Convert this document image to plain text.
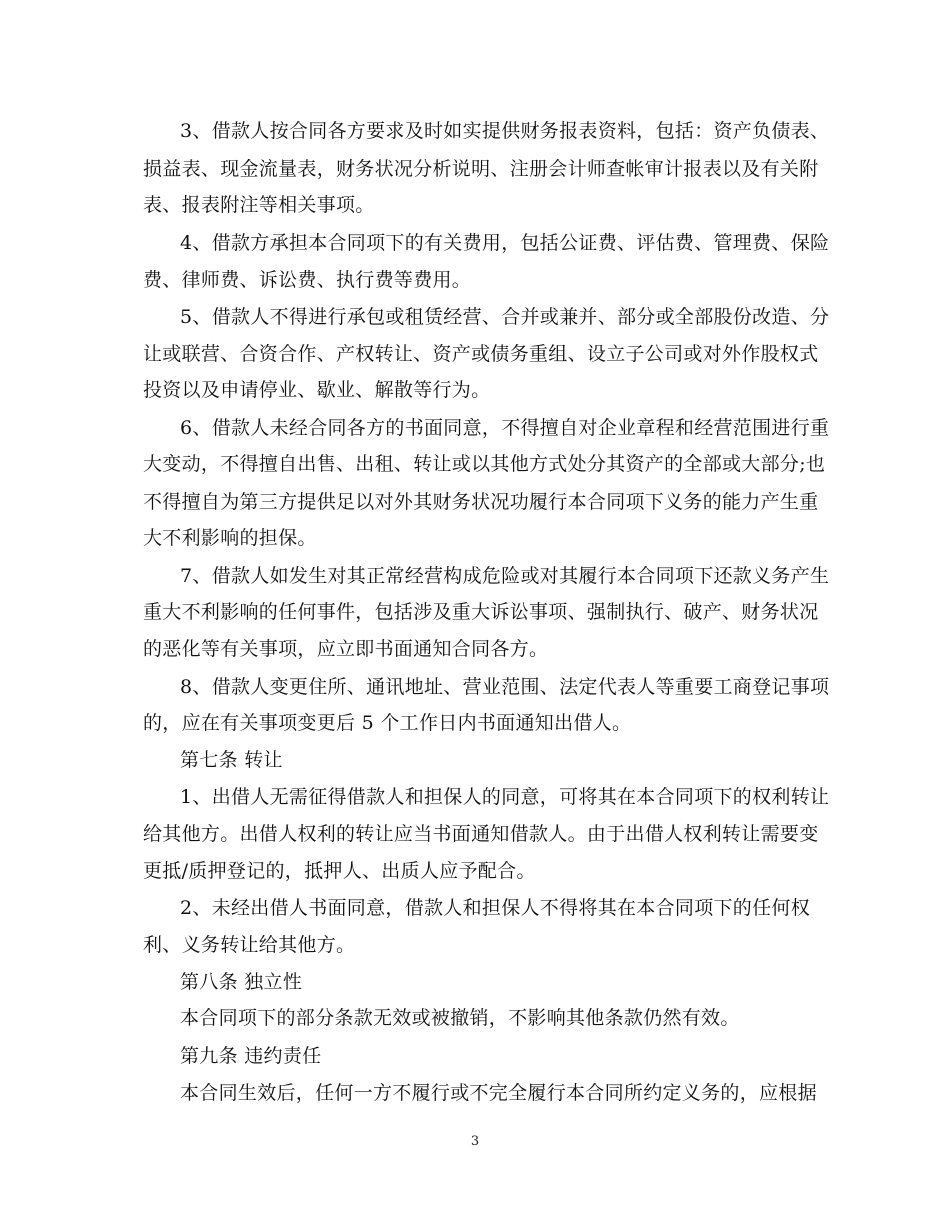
3、借款人按合同各方要求及时如实提供财务报表资料，包括：资产负债表、
损益表、现金流量表，财务状况分析说明、注册会计师查帐审计报表以及有关附
表、报表附注等相关事项。
4、借款方承担本合同项下的有关费用，包括公证费、评估费、管理费、保险
费、律师费、诉讼费、执行费等费用。
5、借款人不得进行承包或租赁经营、合并或兼并、部分或全部股份改造、分
让或联营、合资合作、产权转让、资产或债务重组、设立子公司或对外作股权式
投资以及申请停业、歇业、解散等行为。
6、借款人未经合同各方的书面同意，不得擅自对企业章程和经营范围进行重
大变动，不得擅自出售、出租、转让或以其他方式处分其资产的全部或大部分;也
不得擅自为第三方提供足以对外其财务状况功履行本合同项下义务的能力产生重
大不利影响的担保。
7、借款人如发生对其正常经营构成危险或对其履行本合同项下还款义务产生
重大不利影响的任何事件，包括涉及重大诉讼事项、强制执行、破产、财务状况
的恶化等有关事项，应立即书面通知合同各方。
8、借款人变更住所、通讯地址、营业范围、法定代表人等重要工商登记事项
的，应在有关事项变更后 5 个工作日内书面通知出借人。
第七条 转让
1、出借人无需征得借款人和担保人的同意，可将其在本合同项下的权利转让
给其他方。出借人权利的转让应当书面通知借款人。由于出借人权利转让需要变
更抵/质押登记的，抵押人、出质人应予配合。
2、未经出借人书面同意，借款人和担保人不得将其在本合同项下的任何权
利、义务转让给其他方。
第八条 独立性
本合同项下的部分条款无效或被撤销，不影响其他条款仍然有效。
第九条 违约责任
本合同生效后，任何一方不履行或不完全履行本合同所约定义务的，应根据
3
